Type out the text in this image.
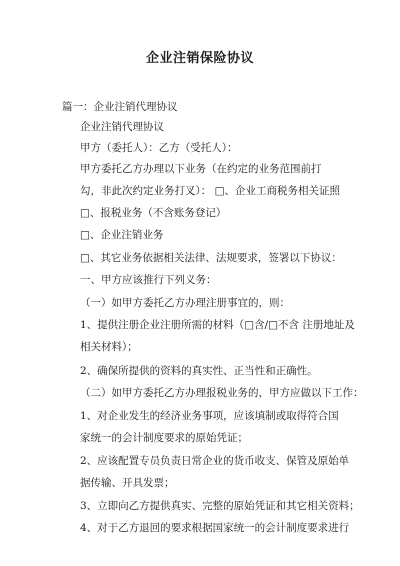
企业注销保险协议
篇一：企业注销代理协议
企业注销代理协议
甲方（委托人）：乙方（受托人）：
甲方委托乙方办理以下业务（在约定的业务范围前打
勾，非此次约定业务打叉）： □、企业工商税务相关证照
□、报税业务（不含账务登记）
□、企业注销业务
□、其它业务依据相关法律、法规要求，签署以下协议：
一、甲方应该推行下列义务：
（一）如甲方委托乙方办理注册事宜的，则：
1、提供注册企业注册所需的材料（□含/□不含 注册地址及
相关材料）；
2、确保所提供的资料的真实性、正当性和正确性。
（二）如甲方委托乙方办理报税业务的，甲方应做以下工作：
1、对企业发生的经济业务事项，应该填制或取得符合国
家统一的会计制度要求的原始凭证；
2、应该配置专员负责日常企业的货币收支、保管及原始单
据传输、开具发票；
3、立即向乙方提供真实、完整的原始凭证和其它相关资料；
4、对于乙方退回的要求根据国家统一的会计制度要求进行
